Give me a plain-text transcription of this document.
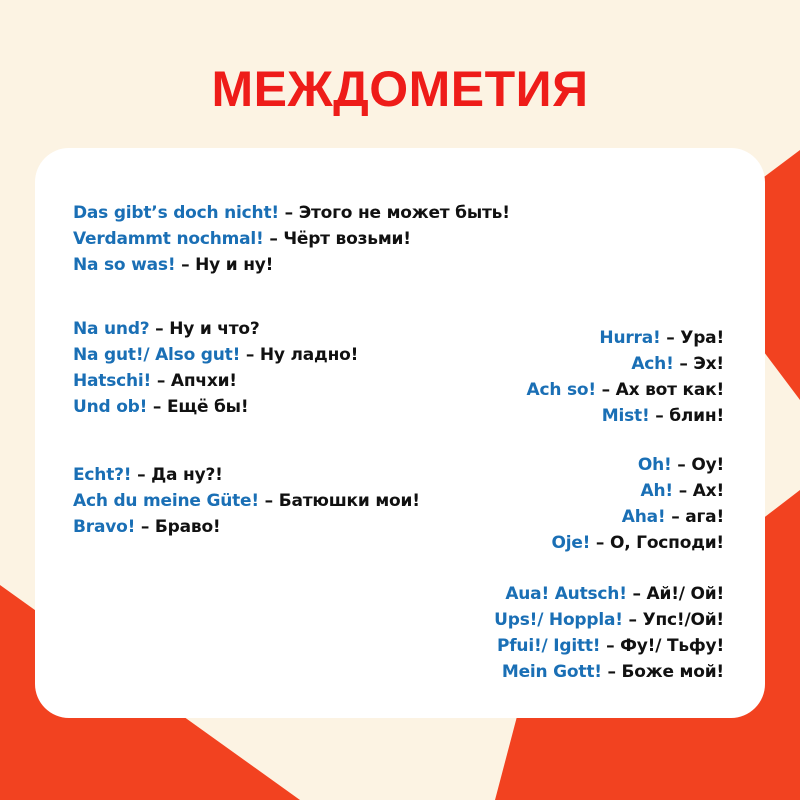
МЕЖДОМЕТИЯ
Das gibt’s doch nicht! – Этого не может быть!
Verdammt nochmal! – Чёрт возьми!
Na so was! – Ну и ну!
Na und? – Ну и что?
Na gut!/ Also gut! – Ну ладно!
Hatschi! – Апчхи!
Und ob! – Ещё бы!
Hurra! – Ура!
Ach! – Эх!
Ach so! – Ах вот как!
Mist! – блин!
Echt?! – Да ну?!
Ach du meine Güte! – Батюшки мои!
Bravo! – Браво!
Oh! – Оу!
Ah! – Ах!
Aha! – ага!
Oje! – О, Господи!
Aua! Autsch! – Ай!/ Ой!
Ups!/ Hoppla! – Упс!/Ой!
Pfui!/ Igitt! – Фу!/ Тьфу!
Mein Gott! – Боже мой!
